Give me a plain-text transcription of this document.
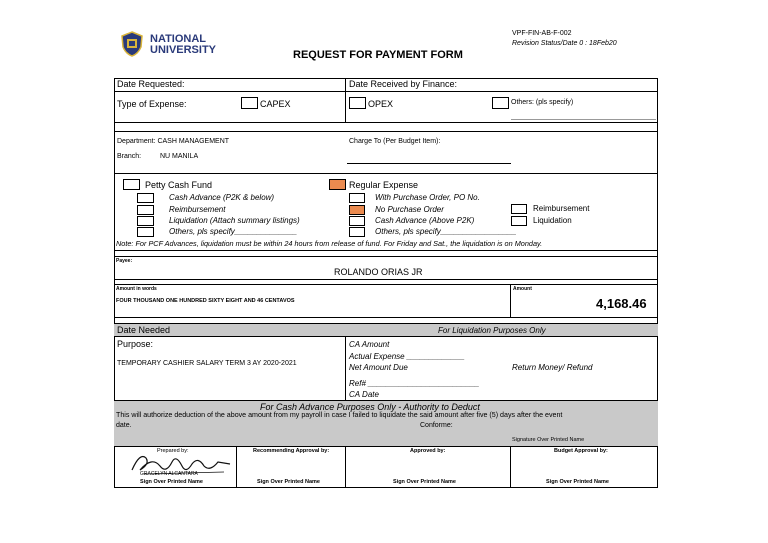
NATIONAL
UNIVERSITY
VPF-FIN-AB-F-002
Revision Status/Date 0 : 18Feb20
REQUEST FOR PAYMENT FORM
Date Requested:	Date Received by Finance:
Type of Expense:	CAPEX	OPEX	Others: (pls specify)
Department: CASH MANAGEMENT
Branch:	NU MANILA
Charge To (Per Budget Item):
Petty Cash Fund
Cash Advance (P2K & below)
Reimbursement
Liquidation (Attach summary listings)
Others, pls specify______________
Regular Expense
With Purchase Order, PO No.
No Purchase Order
Cash Advance (Above P2K)
Others, pls specify_________________
Reimbursement
Liquidation
Note: For PCF Advances, liquidation must be within 24 hours from release of fund. For Friday and Sat., the liquidation is on Monday.
Payee:
ROLANDO ORIAS JR
Amount in words
FOUR THOUSAND ONE HUNDRED SIXTY EIGHT AND 46 CENTAVOS
Amount
4,168.46
Date Needed	For Liquidation Purposes Only
Purpose:
TEMPORARY CASHIER SALARY TERM 3 AY 2020-2021
CA Amount
Actual Expense _____________
Net Amount Due	Return Money/ Refund
Ref# _________________________
CA Date
For Cash Advance Purposes Only - Authority to Deduct
This will authorize deduction of the above amount from my payroll in case I failed to liquidate the said amount after five (5) days after the event
date.	Conforme:
Signature Over Printed Name
Prepared by:
GRACELYN ALCANTARA
Recommending Approval by:	Approved by:	Budget Approval by:
Sign Over Printed Name	Sign Over Printed Name	Sign Over Printed Name	Sign Over Printed Name
